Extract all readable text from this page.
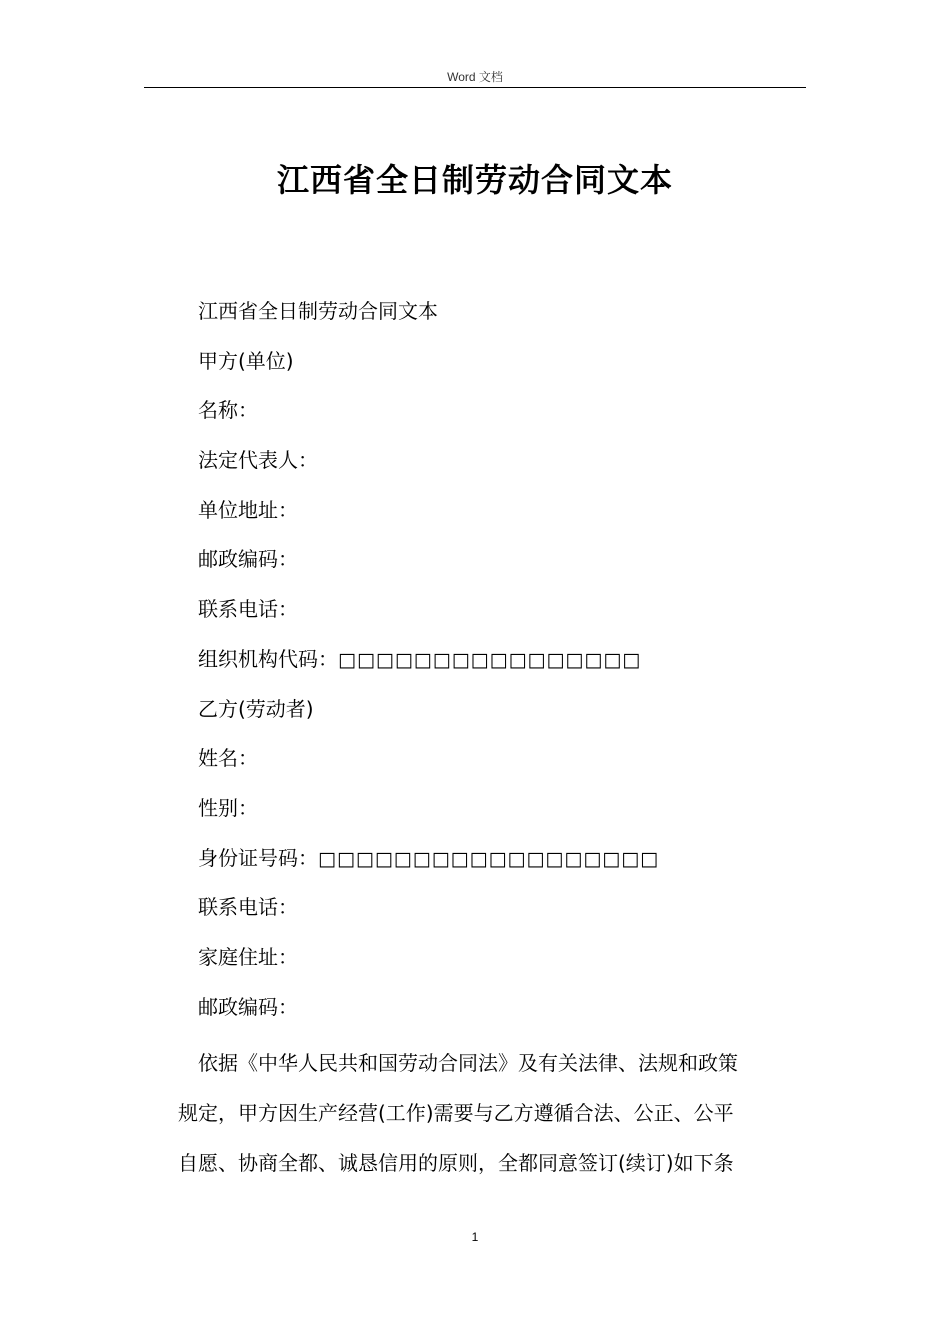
Word 文档
江西省全日制劳动合同文本
江西省全日制劳动合同文本
甲方(单位)
名称：
法定代表人：
单位地址：
邮政编码：
联系电话：
组织机构代码：□□□□□□□□□□□□□□□□
乙方(劳动者)
姓名：
性别：
身份证号码：□□□□□□□□□□□□□□□□□□
联系电话：
家庭住址：
邮政编码：
依据《中华人民共和国劳动合同法》及有关法律、法规和政策
规定，甲方因生产经营(工作)需要与乙方遵循合法、公正、公平
自愿、协商全都、诚恳信用的原则，全都同意签订(续订)如下条
1
